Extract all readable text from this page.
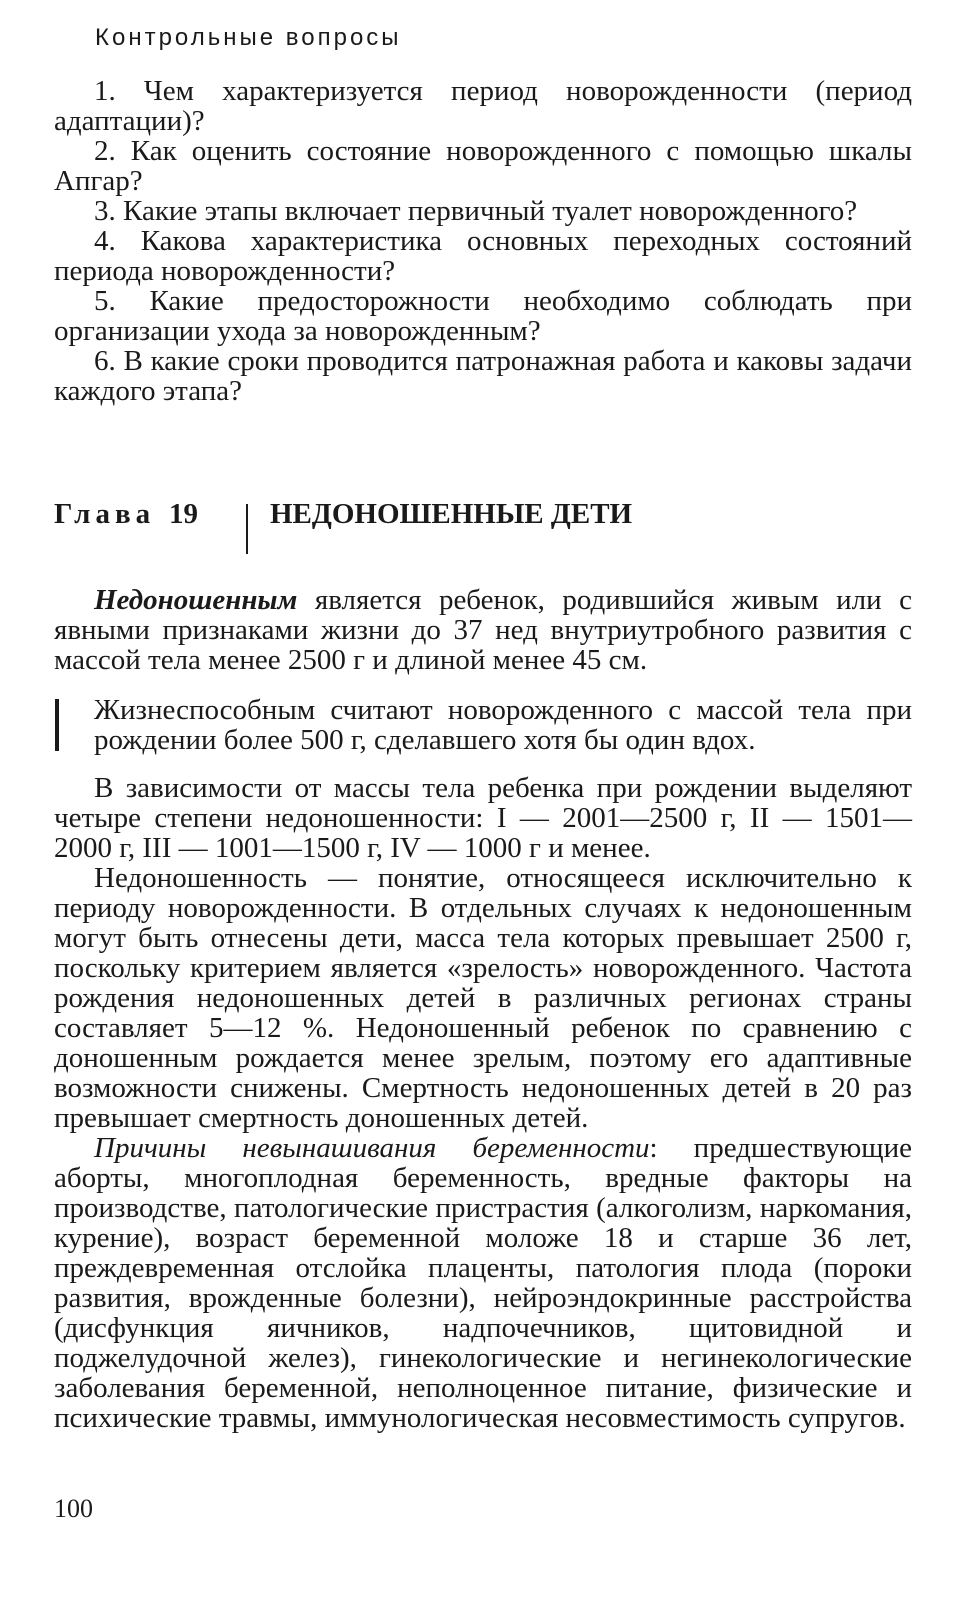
Контрольные вопросы

1. Чем характеризуется период новорожденности (период адаптации)?

2. Как оценить состояние новорожденного с помощью шкалы Апгар?

3. Какие этапы включает первичный туалет новорожденного?

4. Какова характеристика основных переходных состояний периода новорожденности?

5. Какие предосторожности необходимо соблюдать при организации ухода за новорожденным?

6. В какие сроки проводится патронажная работа и каковы задачи каждого этапа?

Глава 19 НЕДОНОШЕННЫЕ ДЕТИ

Недоношенным является ребенок, родившийся живым или с явными признаками жизни до 37 нед внутриутробного развития с массой тела менее 2500 г и длиной менее 45 см.

Жизнеспособным считают новорожденного с массой тела при рождении более 500 г, сделавшего хотя бы один вдох.

В зависимости от массы тела ребенка при рождении выделяют четыре степени недоношенности: I — 2001—2500 г, II — 1501—2000 г, III — 1001—1500 г, IV — 1000 г и менее.

Недоношенность — понятие, относящееся исключительно к периоду новорожденности. В отдельных случаях к недоношенным могут быть отнесены дети, масса тела которых превышает 2500 г, поскольку критерием является «зрелость» новорожденного. Частота рождения недоношенных детей в различных регионах страны составляет 5—12 %. Недоношенный ребенок по сравнению с доношенным рождается менее зрелым, поэтому его адаптивные возможности снижены. Смертность недоношенных детей в 20 раз превышает смертность доношенных детей.

Причины невынашивания беременности: предшествующие аборты, многоплодная беременность, вредные факторы на производстве, патологические пристрастия (алкоголизм, наркомания, курение), возраст беременной моложе 18 и старше 36 лет, преждевременная отслойка плаценты, патология плода (пороки развития, врожденные болезни), нейроэндокринные расстройства (дисфункция яичников, надпочечников, щитовидной и поджелудочной желез), гинекологические и негинекологические заболевания беременной, неполноценное питание, физические и психические травмы, иммунологическая несовместимость супругов.

100
